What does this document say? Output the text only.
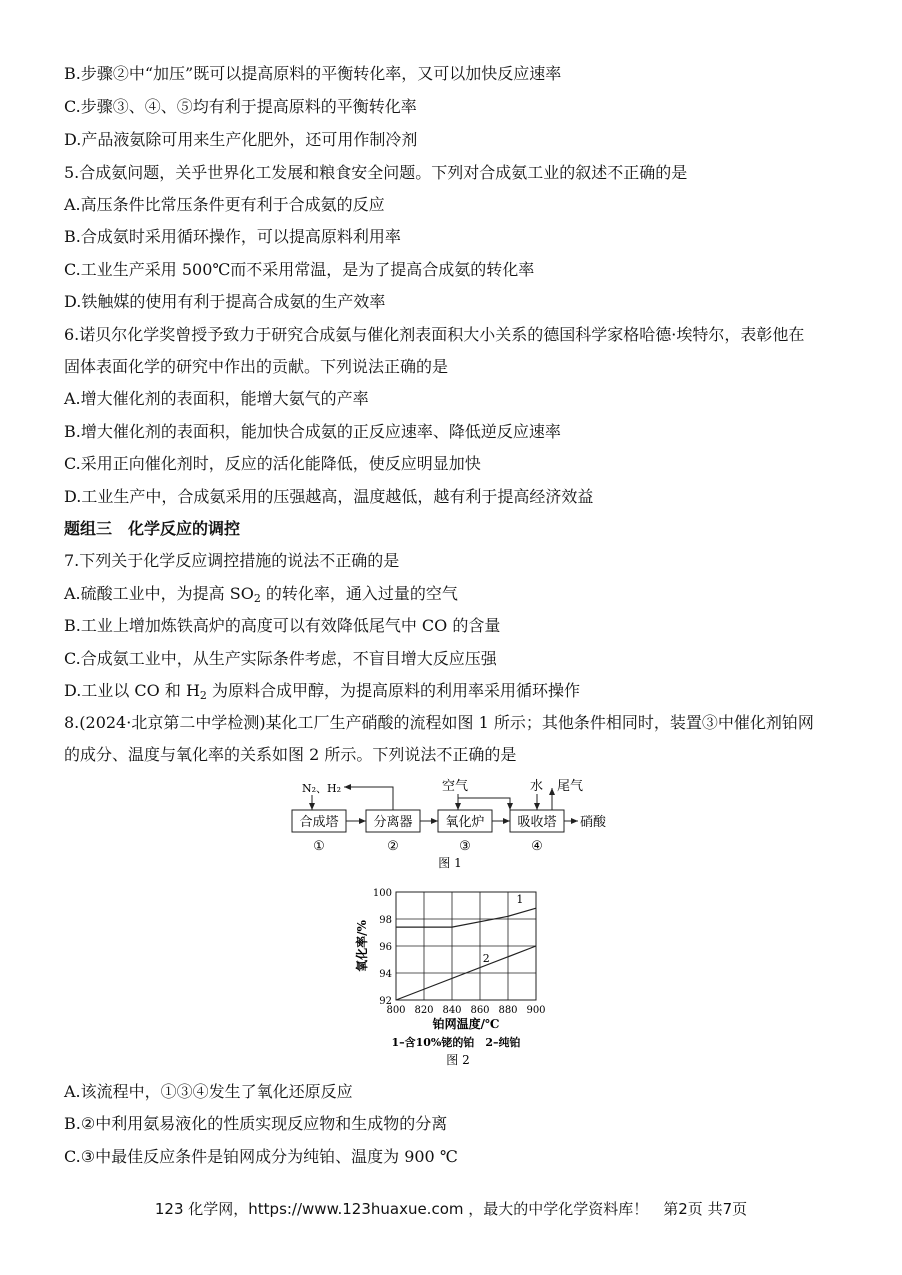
B.步骤②中“加压”既可以提高原料的平衡转化率，又可以加快反应速率
C.步骤③、④、⑤均有利于提高原料的平衡转化率
D.产品液氨除可用来生产化肥外，还可用作制冷剂
5.合成氨问题，关乎世界化工发展和粮食安全问题。下列对合成氨工业的叙述不正确的是
A.高压条件比常压条件更有利于合成氨的反应
B.合成氨时采用循环操作，可以提高原料利用率
C.工业生产采用 500℃而不采用常温，是为了提高合成氨的转化率
D.铁触媒的使用有利于提高合成氨的生产效率
6.诺贝尔化学奖曾授予致力于研究合成氨与催化剂表面积大小关系的德国科学家格哈德·埃特尔，表彰他在
固体表面化学的研究中作出的贡献。下列说法正确的是
A.增大催化剂的表面积，能增大氨气的产率
B.增大催化剂的表面积，能加快合成氨的正反应速率、降低逆反应速率
C.采用正向催化剂时，反应的活化能降低，使反应明显加快
D.工业生产中，合成氨采用的压强越高，温度越低，越有利于提高经济效益
题组三　化学反应的调控
7.下列关于化学反应调控措施的说法不正确的是
A.硫酸工业中，为提高 $SO_2$ 的转化率，通入过量的空气
B.工业上增加炼铁高炉的高度可以有效降低尾气中 CO 的含量
C.合成氨工业中，从生产实际条件考虑，不盲目增大反应压强
D.工业以 CO 和 $H_2$ 为原料合成甲醇，为提高原料的利用率采用循环操作
8.(2024·北京第二中学检测)某化工厂生产硝酸的流程如图 1 所示；其他条件相同时，装置③中催化剂铂网
的成分、温度与氧化率的关系如图 2 所示。下列说法不正确的是
A.该流程中，①③④发生了氧化还原反应
B.②中利用氨易液化的性质实现反应物和生成物的分离
C.③中最佳反应条件是铂网成分为纯铂、温度为 900 ℃
合成塔
①
分离器
②
氧化炉
③
吸收塔
④
硝酸
N₂、H₂	空气	水 尾气
图 1
800 820 840 860 880 900
92
94
96
98
100	1
2
铂网温度/℃
氧化率/%
1–含10%铑的铂　2–纯铂
图 2
123 化学网，https://www.123huaxue.com ，最大的中学化学资料库！　第2页 共7页
